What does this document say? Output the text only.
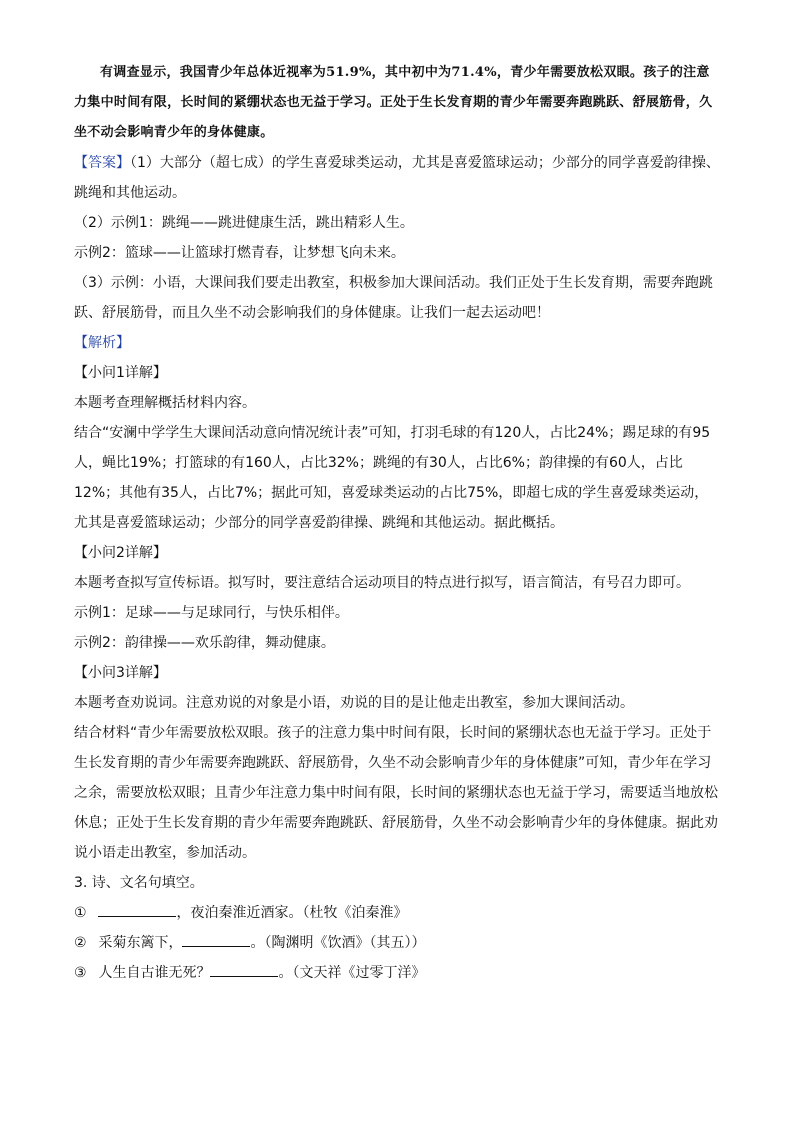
有调查显示，我国青少年总体近视率为51.9%，其中初中为71.4%，青少年需要放松双眼。孩子的注意力集中时间有限，长时间的紧绷状态也无益于学习。正处于生长发育期的青少年需要奔跑跳跃、舒展筋骨，久坐不动会影响青少年的身体健康。

【答案】（1）大部分（超七成）的学生喜爱球类运动，尤其是喜爱篮球运动；少部分的同学喜爱韵律操、跳绳和其他运动。

（2）示例1：跳绳——跳进健康生活，跳出精彩人生。

示例2：篮球——让篮球打燃青春，让梦想飞向未来。

（3）示例：小语，大课间我们要走出教室，积极参加大课间活动。我们正处于生长发育期，需要奔跑跳跃、舒展筋骨，而且久坐不动会影响我们的身体健康。让我们一起去运动吧！

【解析】

【小问1详解】

本题考查理解概括材料内容。

结合“安澜中学学生大课间活动意向情况统计表”可知，打羽毛球的有120人，占比24%；踢足球的有95人，蝇比19%；打篮球的有160人，占比32%；跳绳的有30人，占比6%；韵律操的有60人，占比12%；其他有35人，占比7%；据此可知，喜爱球类运动的占比75%，即超七成的学生喜爱球类运动，尤其是喜爱篮球运动；少部分的同学喜爱韵律操、跳绳和其他运动。据此概括。

【小问2详解】

本题考查拟写宣传标语。拟写时，要注意结合运动项目的特点进行拟写，语言简洁，有号召力即可。

示例1：足球——与足球同行，与快乐相伴。

示例2：韵律操——欢乐韵律，舞动健康。

【小问3详解】

本题考查劝说词。注意劝说的对象是小语，劝说的目的是让他走出教室，参加大课间活动。

结合材料“青少年需要放松双眼。孩子的注意力集中时间有限，长时间的紧绷状态也无益于学习。正处于生长发育期的青少年需要奔跑跳跃、舒展筋骨，久坐不动会影响青少年的身体健康”可知，青少年在学习之余，需要放松双眼；且青少年注意力集中时间有限，长时间的紧绷状态也无益于学习，需要适当地放松休息；正处于生长发育期的青少年需要奔跑跳跃、舒展筋骨，久坐不动会影响青少年的身体健康。据此劝说小语走出教室，参加活动。

3. 诗、文名句填空。

①	，夜泊秦淮近酒家。（杜牧《泊秦淮》

② 采菊东篱下，	。（陶渊明《饮酒》（其五））

③ 人生自古谁无死？	。（文天祥《过零丁洋》
